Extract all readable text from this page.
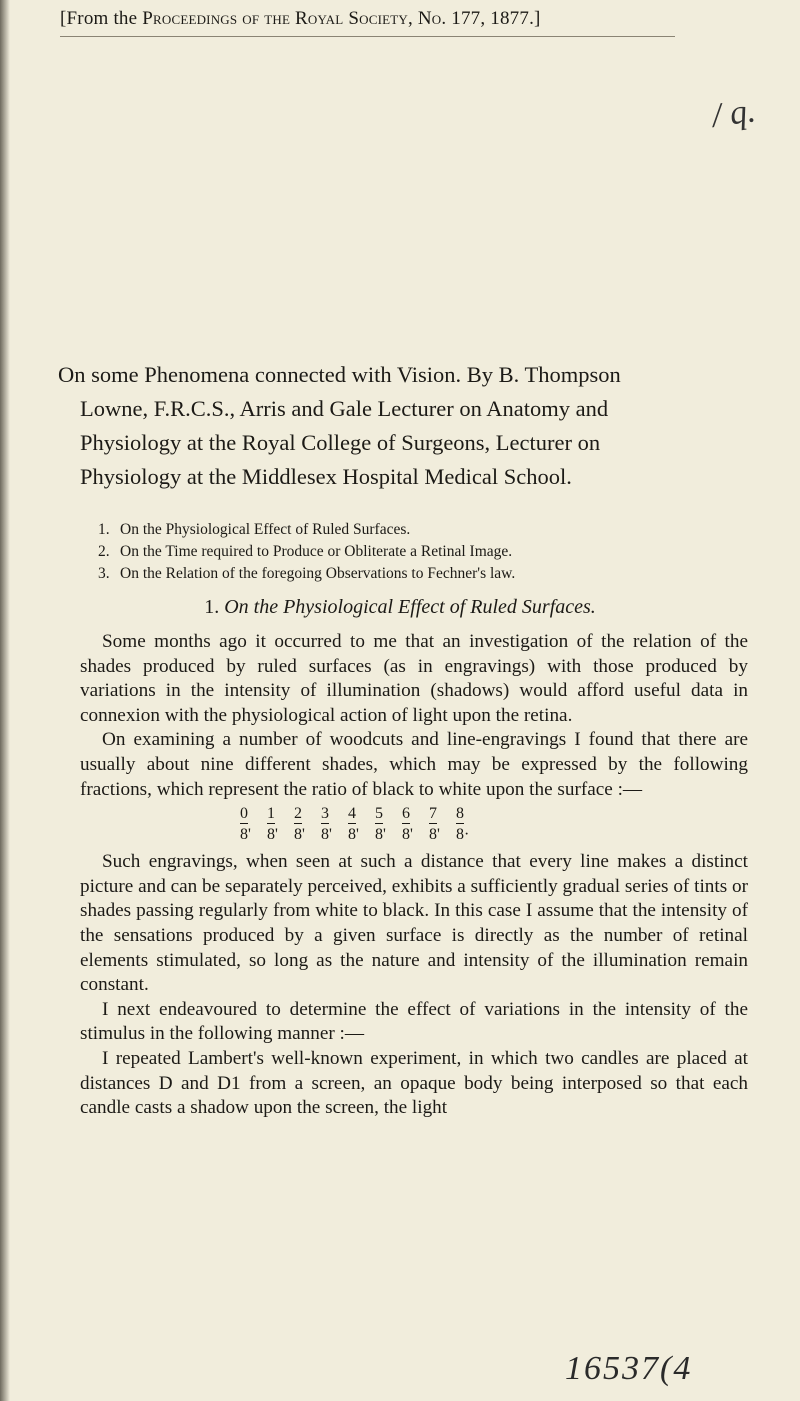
[From the Proceedings of the Royal Society, No. 177, 1877.]
/ q.
On some Phenomena connected with Vision. By B. Thompson
Lowne, F.R.C.S., Arris and Gale Lecturer on Anatomy and
Physiology at the Royal College of Surgeons, Lecturer on
Physiology at the Middlesex Hospital Medical School.
1. On the Physiological Effect of Ruled Surfaces.
2. On the Time required to Produce or Obliterate a Retinal Image.
3. On the Relation of the foregoing Observations to Fechner's law.
1. On the Physiological Effect of Ruled Surfaces.

Some months ago it occurred to me that an investigation of the relation of the shades produced by ruled surfaces (as in engravings) with those produced by variations in the intensity of illumination (shadows) would afford useful data in connexion with the physiological action of light upon the retina.

On examining a number of woodcuts and line-engravings I found that there are usually about nine different shades, which may be expressed by the following fractions, which represent the ratio of black to white upon the surface :—

0	1	2	3	4	5	6	7	8
8'	8'	8'	8'	8'	8'	8'	8'	8·

Such engravings, when seen at such a distance that every line makes a distinct picture and can be separately perceived, exhibits a sufficiently gradual series of tints or shades passing regularly from white to black. In this case I assume that the intensity of the sensations produced by a given surface is directly as the number of retinal elements stimulated, so long as the nature and intensity of the illumination remain constant.

I next endeavoured to determine the effect of variations in the intensity of the stimulus in the following manner :—

I repeated Lambert's well-known experiment, in which two candles are placed at distances D and D1 from a screen, an opaque body being interposed so that each candle casts a shadow upon the screen, the light

16537(4
